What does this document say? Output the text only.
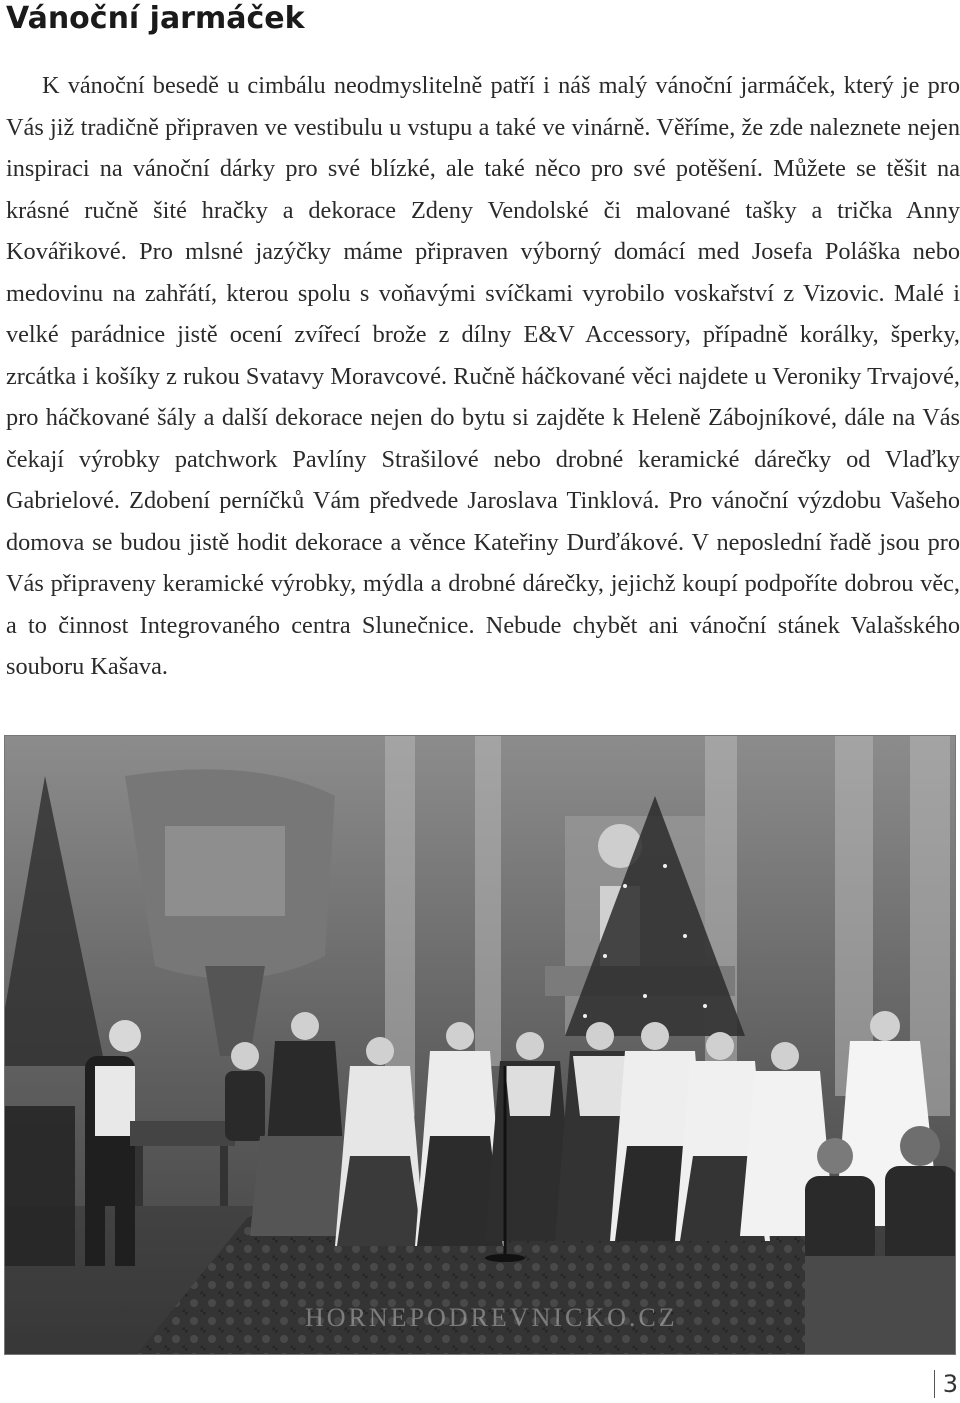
Vánoční jarmáček

K vánoční besedě u cimbálu neodmyslitelně patří i náš malý vánoční jarmáček, který je pro Vás již tradičně připraven ve vestibulu u vstupu a také ve vinárně. Věříme, že zde naleznete nejen inspiraci na vánoční dárky pro své blízké, ale také něco pro své potěšení. Můžete se těšit na krásné ručně šité hračky a dekorace Zdeny Vendolské či malované tašky a trička Anny Kovářikové. Pro mlsné jazýčky máme připraven výborný domácí med Josefa Poláška nebo medovinu na zahřátí, kterou spolu s voňavými svíčkami vyrobilo voskařství z Vizovic. Malé i velké parádnice jistě ocení zvířecí brože z dílny E&V Accessory, případně korálky, šperky, zrcátka i košíky z rukou Svatavy Moravcové. Ručně háčkované věci najdete u Veroniky Trvajové, pro háčkované šály a další dekorace nejen do bytu si zajděte k Heleně Zábojníkové, dále na Vás čekají výrobky patchwork Pavlíny Strašilové nebo drobné keramické dárečky od Vlaďky Gabrielové. Zdobení perníčků Vám předvede Jaroslava Tinklová. Pro vánoční výzdobu Vašeho domova se budou jistě hodit dekorace a věnce Kateřiny Durďákové. V neposlední řadě jsou pro Vás připraveny keramické výrobky, mýdla a drobné dárečky, jejichž koupí podpoříte dobrou věc, a to činnost Integrovaného centra Slunečnice. Nebude chybět ani vánoční stánek Valašského souboru Kašava.

HORNEPODREVNICKO.CZ
3
